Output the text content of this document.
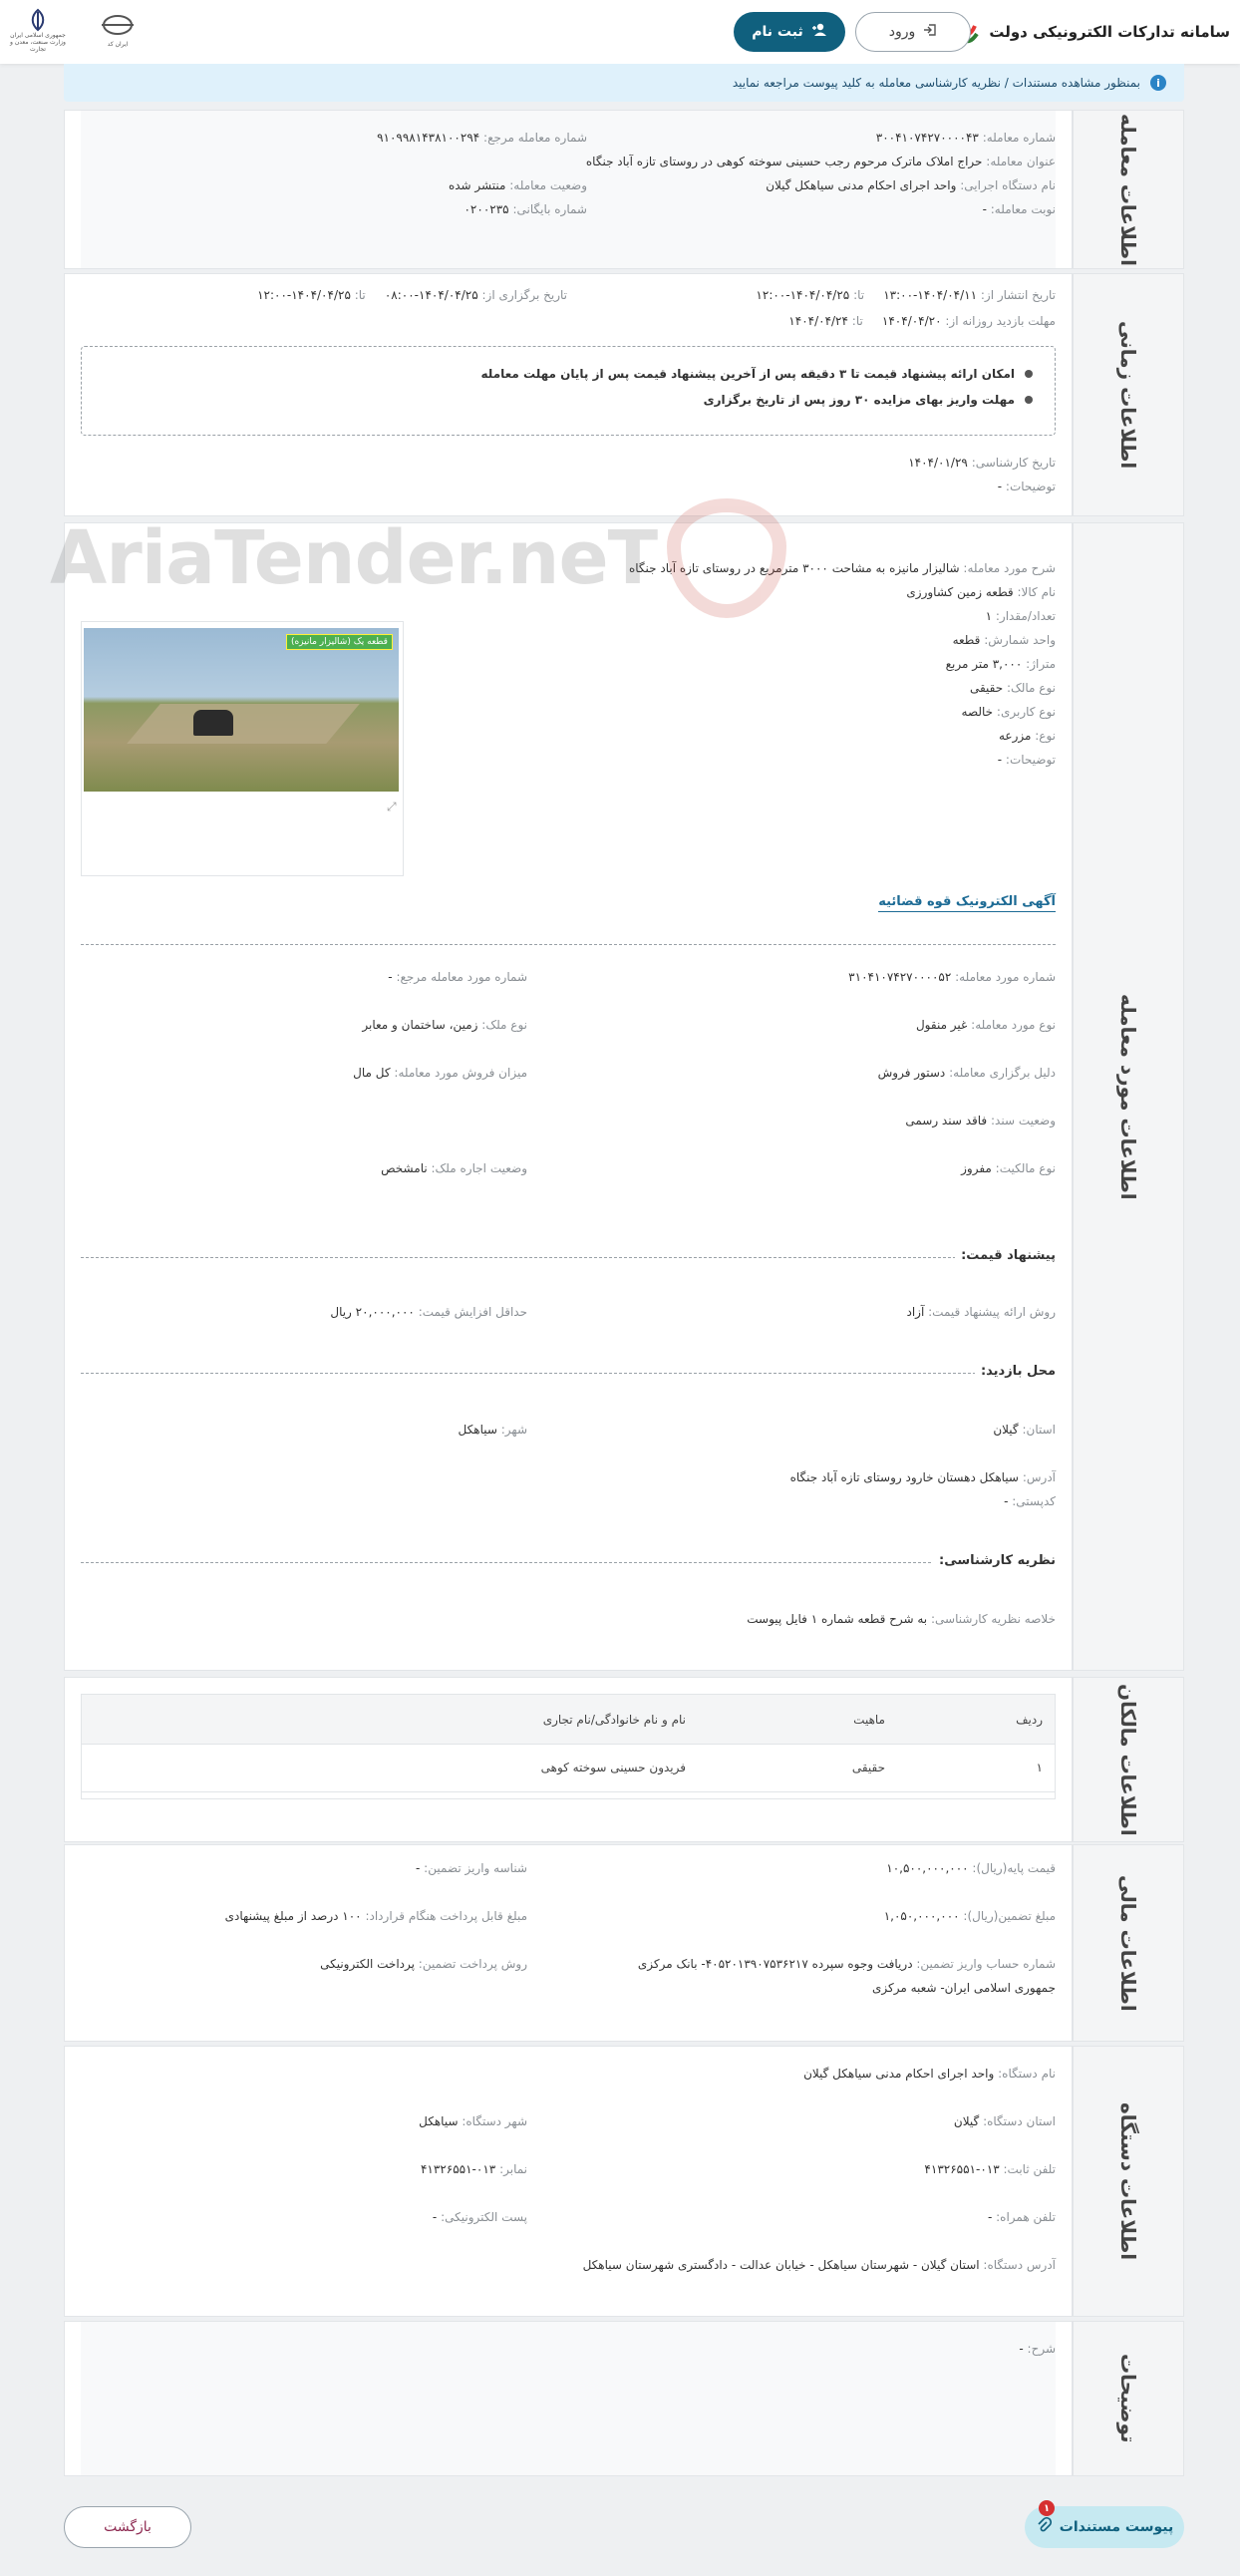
سامانه تدارکات الکترونیکی دولت
ثبت نام	ورود
ایران کد
جمهوری اسلامی ایران وزارت صنعت، معدن و تجارت
i
بمنظور مشاهده مستندات / نظریه کارشناسی معامله به کلید پیوست مراجعه نمایید
اطلاعات معامله
شماره معامله: ۳۰۰۴۱۰۷۴۲۷۰۰۰۰۴۳
شماره معامله مرجع: ۹۱۰۹۹۸۱۴۳۸۱۰۰۲۹۴
عنوان معامله: حراج املاک ماترک مرحوم رجب حسینی سوخته کوهی در روستای تازه آباد جنگاه
نام دستگاه اجرایی: واحد اجرای احکام مدنی سیاهکل گیلان
وضعیت معامله: منتشر شده
نوبت معامله: -
شماره بایگانی: ۰۲۰۰۲۳۵
اطلاعات زمانی
تاریخ انتشار از: ۱۴۰۴/۰۴/۱۱-۱۳:۰۰     تا: ۱۴۰۴/۰۴/۲۵-۱۲:۰۰
تاریخ برگزاری از: ۱۴۰۴/۰۴/۲۵-۰۸:۰۰     تا: ۱۴۰۴/۰۴/۲۵-۱۲:۰۰
مهلت بازدید روزانه از: ۱۴۰۴/۰۴/۲۰     تا: ۱۴۰۴/۰۴/۲۴
امکان ارائه پیشنهاد قیمت تا ۳ دقیقه پس از آخرین پیشنهاد قیمت پس از پایان مهلت معامله
مهلت واریز بهای مزایده ۳۰ روز پس از تاریخ برگزاری
تاریخ کارشناسی: ۱۴۰۴/۰۱/۲۹
توضیحات: -
اطلاعات مورد معامله
شرح مورد معامله: شالیزار مانیزه به مشاحت ۳۰۰۰ مترمربع در روستای تازه آباد جنگاه
نام کالا: قطعه زمین کشاورزی
تعداد/مقدار: ۱
واحد شمارش: قطعه
متراژ: ۳,۰۰۰ متر مربع
نوع مالک: حقیقی
نوع کاربری: خالصه
نوع: مزرعه
توضیحات: -
قطعه یک (شالیزار مانیزه)
⤢
آگهی الکترونیک قوه قضائیه
شماره مورد معامله: ۳۱۰۴۱۰۷۴۲۷۰۰۰۰۵۲
شماره مورد معامله مرجع: -
نوع مورد معامله: غیر منقول
نوع ملک: زمین، ساختمان و معابر
دلیل برگزاری معامله: دستور فروش
میزان فروش مورد معامله: کل مال
وضعیت سند: فاقد سند رسمی
نوع مالکیت: مفروز
وضعیت اجاره ملک: نامشخص
پیشنهاد قیمت:
روش ارائه پیشنهاد قیمت: آزاد
حداقل افزایش قیمت: ۲۰,۰۰۰,۰۰۰ ریال
محل بازدید:
استان: گیلان
شهر: سیاهکل
آدرس: سیاهکل دهستان خارود روستای تازه آباد جنگاه
کدپستی: -
نظریه کارشناسی:
خلاصه نظریه کارشناسی: به شرح قطعه شماره ۱ فایل پیوست
اطلاعات مالکان
ردیف
ماهیت
نام و نام خانوادگی/نام تجاری
۱
حقیقی
فریدون حسینی سوخته کوهی
اطلاعات مالی
قیمت پایه(ریال): ۱۰,۵۰۰,۰۰۰,۰۰۰
شناسه واریز تضمین: -
مبلغ تضمین(ریال): ۱,۰۵۰,۰۰۰,۰۰۰
مبلغ قابل پرداخت هنگام قرارداد: ۱۰۰ درصد از مبلغ پیشنهادی
شماره حساب واریز تضمین: دریافت وجوه سپرده ۴۰۵۲۰۱۳۹۰۷۵۳۶۲۱۷- بانک مرکزی
جمهوری اسلامی ایران- شعبه مرکزی
روش پرداخت تضمین: پرداخت الکترونیکی
اطلاعات دستگاه
نام دستگاه: واحد اجرای احکام مدنی سیاهکل گیلان
استان دستگاه: گیلان
شهر دستگاه: سیاهکل
تلفن ثابت: ۰۱۳-۴۱۳۲۶۵۵۱
نمابر: ۰۱۳-۴۱۳۲۶۵۵۱
تلفن همراه: -
پست الکترونیکی: -
آدرس دستگاه: استان گیلان - شهرستان سیاهکل - خیابان عدالت - دادگستری شهرستان سیاهکل
توضیحات
شرح: -
AriaTender.neT
۱
پیوست مستندات
بازگشت
